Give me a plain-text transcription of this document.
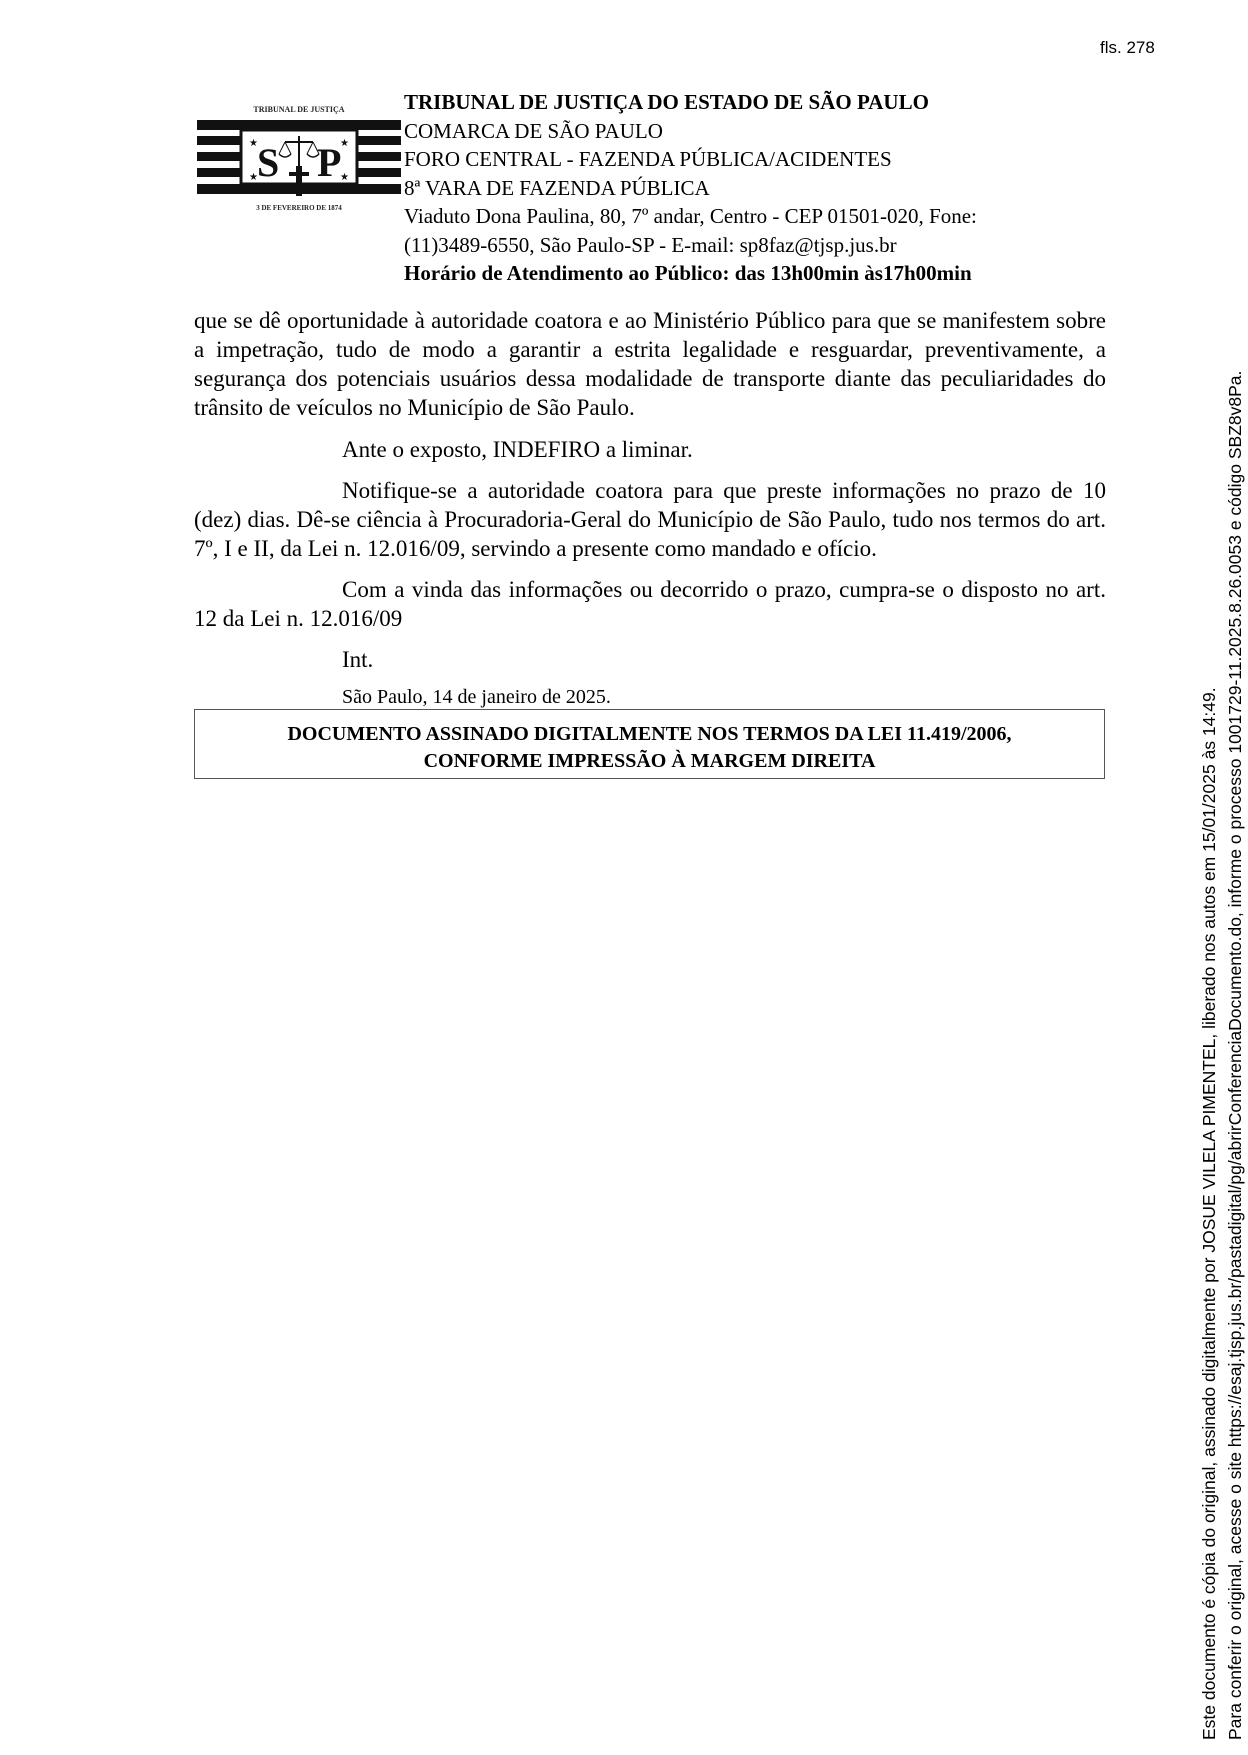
fls. 278
TRIBUNAL DE JUSTIÇA
S P
★	★
★	★
3 DE FEVEREIRO DE 1874
TRIBUNAL DE JUSTIÇA DO ESTADO DE SÃO PAULO
COMARCA DE SÃO PAULO
FORO CENTRAL - FAZENDA PÚBLICA/ACIDENTES
8ª VARA DE FAZENDA PÚBLICA
Viaduto Dona Paulina, 80, 7º andar, Centro - CEP 01501-020, Fone:
(11)3489-6550, São Paulo-SP - E-mail: sp8faz@tjsp.jus.br
Horário de Atendimento ao Público: das 13h00min às17h00min

que se dê oportunidade à autoridade coatora e ao Ministério Público para que se manifestem sobre a impetração, tudo de modo a garantir a estrita legalidade e resguardar, preventivamente, a segurança dos potenciais usuários dessa modalidade de transporte diante das peculiaridades do trânsito de veículos no Município de São Paulo.

Ante o exposto, INDEFIRO a liminar.

Notifique-se a autoridade coatora para que preste informações no prazo de 10 (dez) dias. Dê-se ciência à Procuradoria-Geral do Município de São Paulo, tudo nos termos do art. 7º, I e II, da Lei n. 12.016/09, servindo a presente como mandado e ofício.

Com a vinda das informações ou decorrido o prazo, cumpra-se o disposto no art. 12 da Lei n. 12.016/09

Int.

São Paulo, 14 de janeiro de 2025.

DOCUMENTO ASSINADO DIGITALMENTE NOS TERMOS DA LEI 11.419/2006,
CONFORME IMPRESSÃO À MARGEM DIREITA	Este documento é cópia do original, assinado digitalmente por JOSUE VILELA PIMENTEL, liberado nos autos em 15/01/2025 às 14:49. Para conferir o original, acesse o site https://esaj.tjsp.jus.br/pastadigital/pg/abrirConferenciaDocumento.do, informe o processo 1001729-11.2025.8.26.0053 e código SBZ8v8Pa.
